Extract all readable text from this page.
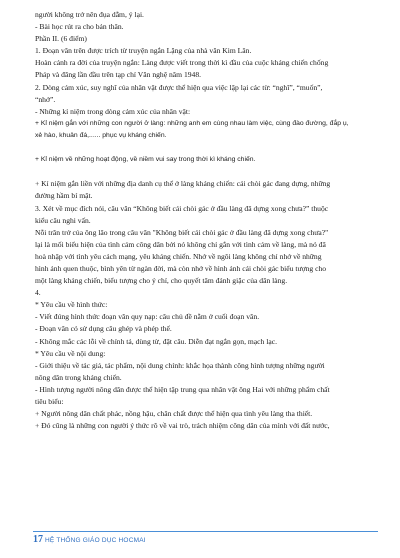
người không trở nên đụa dẫm, ý lại.
- Bài học rút ra cho bản thân.
Phần II. (6 điểm)
1. Đoạn văn trên được trích từ truyện ngắn Lặng của nhà văn Kim Lân.
Hoàn cảnh ra đời của truyện ngắn: Làng được viết trong thời kì đầu của cuộc kháng chiến chống
Pháp và đăng lần đầu trên tạp chí Văn nghệ năm 1948.
2. Dòng cảm xúc, suy nghĩ của nhân vật được thể hiện qua việc lặp lại các từ: “nghĩ”, “muốn”,
“nhớ”.
- Những kỉ niệm trong dòng cảm xúc của nhân vật:
+ Kỉ niệm gắn với những con người ở làng: những anh em cùng nhau làm việc, cùng đào đường, đắp ụ,
xẻ hào, khuân đá,...... phục vụ kháng chiến.

+ Kỉ niệm về những hoạt động, về niềm vui say trong thời kì kháng chiến.

+ Kỉ niệm gắn liền với những địa danh cụ thể ở làng kháng chiến: cái chòi gác đang dựng, những
đường hầm bí mật.
3. Xét về mục đích nói, câu văn “Không biết cái chòi gác ở đầu làng đã dựng xong chưa?” thuộc
kiểu câu nghi vấn.
Nỗi trăn trở của ông lão trong câu văn "Không biết cái chòi gác ở đầu làng đã dựng xong chưa?"
lại là mối biểu hiện của tình cảm công dân bởi nó không chỉ gắn với tình cảm về làng, mà nó đã
hoà nhập với tình yêu cách mạng, yêu kháng chiến. Nhớ về ngôi làng không chỉ nhớ về những
hình ảnh quen thuộc, bình yên từ ngàn đời, mà còn nhớ về hình ảnh cái chòi gác biểu tượng cho
một làng kháng chiến, biểu tượng cho ý chí, cho quyết tâm đánh giặc của dân làng.
4.
* Yêu cầu về hình thức:
- Viết đúng hình thức đoạn văn quy nạp: câu chủ đề nằm ở cuối đoạn văn.
- Đoạn văn có sử dụng câu ghép và phép thế.
- Không mắc các lỗi về chính tả, dùng từ, đặt câu. Diễn đạt ngắn gọn, mạch lạc.
* Yêu cầu về nội dung:
- Giới thiệu về tác giả, tác phẩm, nội dung chính: khắc họa thành công hình tượng những người
nông dân trong kháng chiến.
- Hình tượng người nông dân được thể hiện tập trung qua nhân vật ông Hai với những phẩm chất
tiêu biểu:
+ Người nông dân chất phác, nồng hậu, chân chất được thể hiện qua tình yêu làng tha thiết.
+ Đó cũng là những con người ý thức rõ về vai trò, trách nhiệm công dân của mình với đất nước,
17 HỆ THỐNG GIÁO DỤC HOCMAI
